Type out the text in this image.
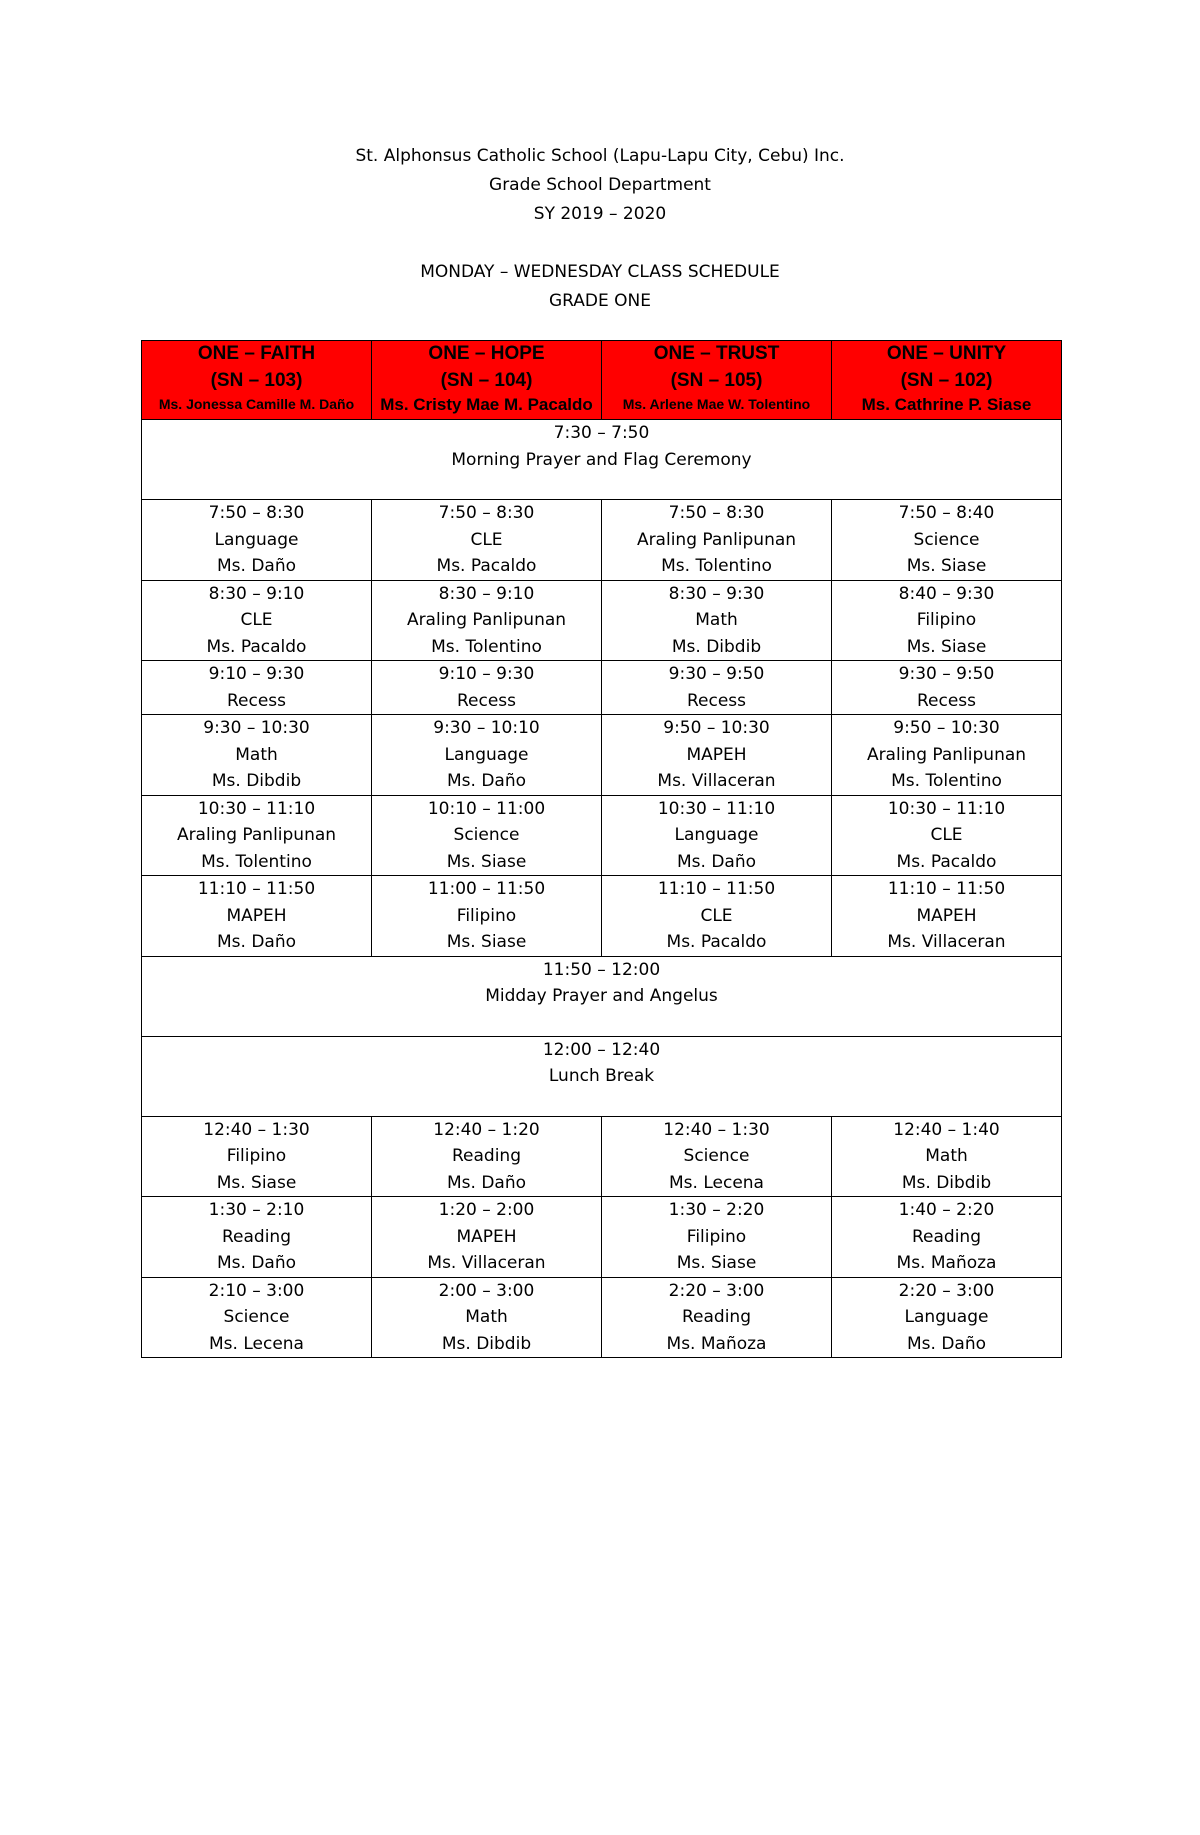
St. Alphonsus Catholic School (Lapu-Lapu City, Cebu) Inc.
Grade School Department
SY 2019 – 2020
MONDAY – WEDNESDAY CLASS SCHEDULE
GRADE ONE
ONE – FAITH
(SN – 103)
Ms. Jonessa Camille M. Daño	ONE – HOPE
(SN – 104)
Ms. Cristy Mae M. Pacaldo	ONE – TRUST
(SN – 105)
Ms. Arlene Mae W. Tolentino	ONE – UNITY
(SN – 102)
Ms. Cathrine P. Siase

7:30 – 7:50
Morning Prayer and Flag Ceremony			

7:50 – 8:30
Language
Ms. Daño	7:50 – 8:30
CLE
Ms. Pacaldo	7:50 – 8:30
Araling Panlipunan
Ms. Tolentino	7:50 – 8:40
Science
Ms. Siase

8:30 – 9:10
CLE
Ms. Pacaldo	8:30 – 9:10
Araling Panlipunan
Ms. Tolentino	8:30 – 9:30
Math
Ms. Dibdib	8:40 – 9:30
Filipino
Ms. Siase

9:10 – 9:30
Recess	9:10 – 9:30
Recess	9:30 – 9:50
Recess	9:30 – 9:50
Recess

9:30 – 10:30
Math
Ms. Dibdib	9:30 – 10:10
Language
Ms. Daño	9:50 – 10:30
MAPEH
Ms. Villaceran	9:50 – 10:30
Araling Panlipunan
Ms. Tolentino

10:30 – 11:10
Araling Panlipunan
Ms. Tolentino	10:10 – 11:00
Science
Ms. Siase	10:30 – 11:10
Language
Ms. Daño	10:30 – 11:10
CLE
Ms. Pacaldo

11:10 – 11:50
MAPEH
Ms. Daño	11:00 – 11:50
Filipino
Ms. Siase	11:10 – 11:50
CLE
Ms. Pacaldo	11:10 – 11:50
MAPEH
Ms. Villaceran

11:50 – 12:00
Midday Prayer and Angelus			

12:00 – 12:40
Lunch Break			

12:40 – 1:30
Filipino
Ms. Siase	12:40 – 1:20
Reading
Ms. Daño	12:40 – 1:30
Science
Ms. Lecena	12:40 – 1:40
Math
Ms. Dibdib

1:30 – 2:10
Reading
Ms. Daño	1:20 – 2:00
MAPEH
Ms. Villaceran	1:30 – 2:20
Filipino
Ms. Siase	1:40 – 2:20
Reading
Ms. Mañoza

2:10 – 3:00
Science
Ms. Lecena	2:00 – 3:00
Math
Ms. Dibdib	2:20 – 3:00
Reading
Ms. Mañoza	2:20 – 3:00
Language
Ms. Daño
